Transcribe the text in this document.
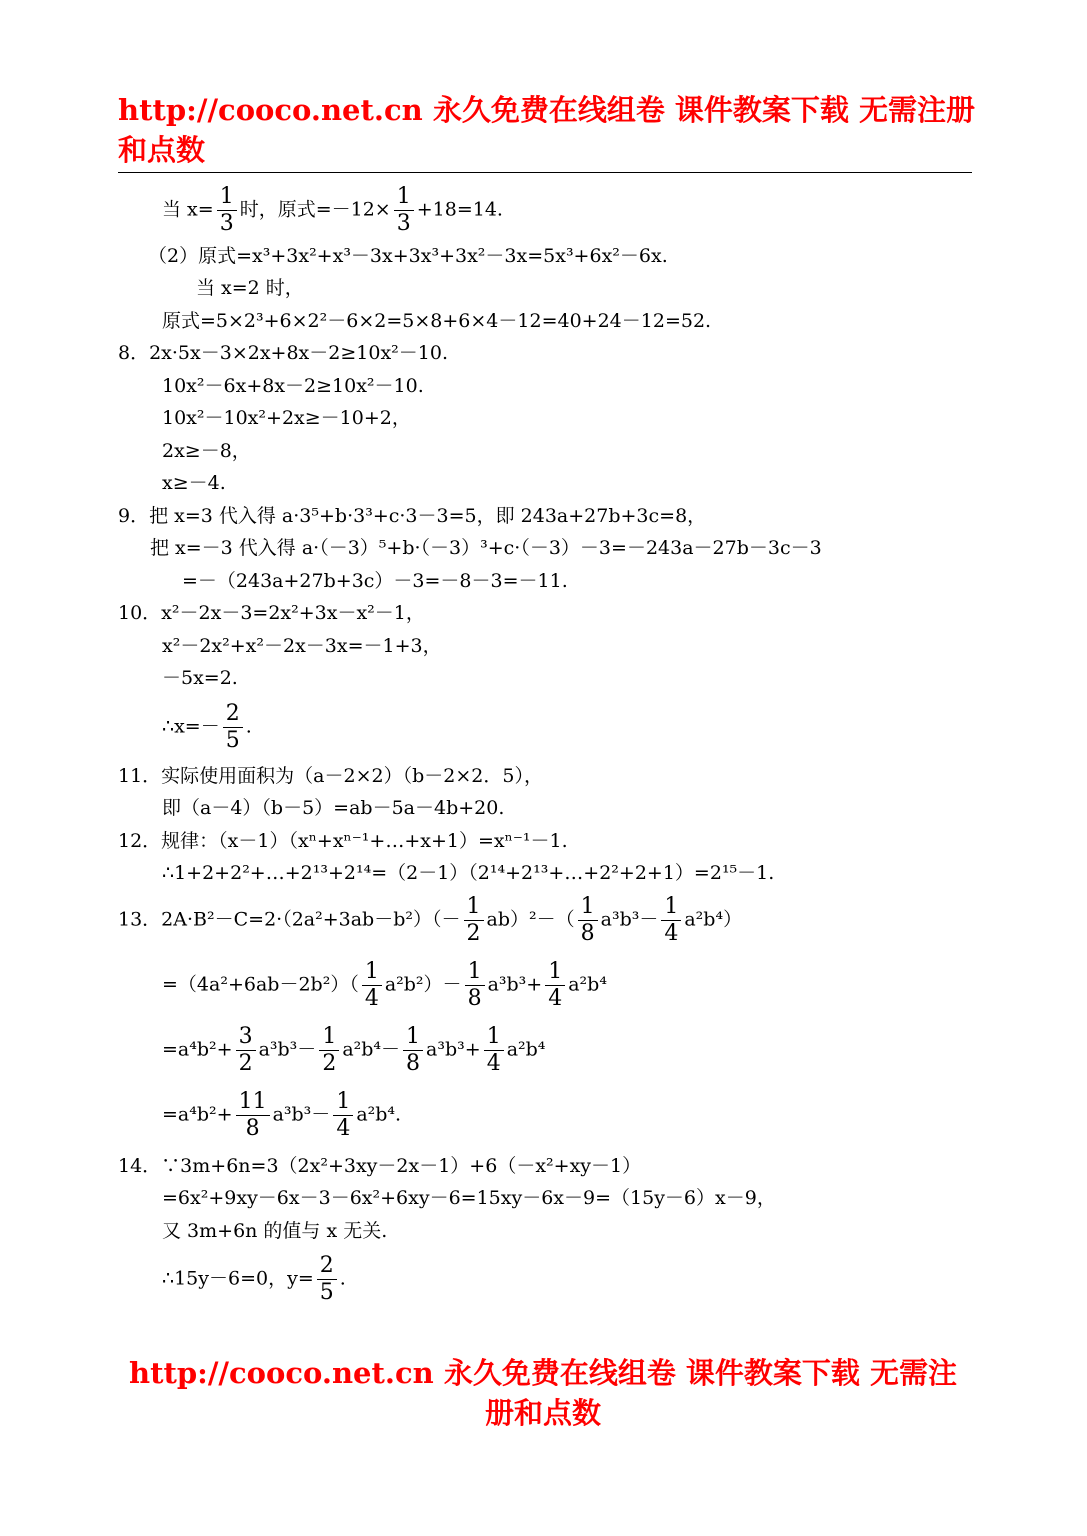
http://cooco.net.cn 永久免费在线组卷 课件教案下载 无需注册和点数
当 $x= \frac{1}{3}$ 时，原式$=-12\times \frac{1}{3} +18=14$.
（2）原式=x³+3x²+x³－3x+3x³+3x²－3x=5x³+6x²－6x.
当 x=2 时，
原式=5×2³+6×2²－6×2=5×8+6×4－12=40+24－12=52.
8．2x·5x－3×2x+8x－2≥10x²－10.
10x²－6x+8x－2≥10x²－10.
10x²－10x²+2x≥－10+2，
2x≥－8，
x≥－4.
9．把 x=3 代入得 a·3⁵+b·3³+c·3－3=5，即 243a+27b+3c=8，
把 x=－3 代入得 a·（－3）⁵+b·（－3）³+c·（－3）－3=－243a－27b－3c－3
=－（243a+27b+3c）－3=－8－3=－11.
10．x²－2x－3=2x²+3x－x²－1，
x²－2x²+x²－2x－3x=－1+3，
－5x=2.
∴x=－ $\frac{2}{5}$ .
11．实际使用面积为（a－2×2）（b－2×2．5），
即（a－4）（b－5）=ab－5a－4b+20.
12．规律：（x－1）（xⁿ+xⁿ⁻¹+…+x+1）=xⁿ⁻¹－1.
∴1+2+2²+…+2¹³+2¹⁴=（2－1）（2¹⁴+2¹³+…+2²+2+1）=2¹⁵－1.
13．$2A\cdot B^2-C=2\cdot(2a^2+3ab-b^2)(- \frac{1}{2} ab)^2-( \frac{1}{8} a^3b^3- \frac{1}{4} a^2b^4)$
$=(4a^2+6ab-2b^2)( \frac{1}{4} a^2b^2)- \frac{1}{8} a^3b^3+ \frac{1}{4} a^2b^4$
$=a^4b^2+ \frac{3}{2} a^3b^3- \frac{1}{2} a^2b^4- \frac{1}{8} a^3b^3+ \frac{1}{4} a^2b^4$
$=a^4b^2+ \frac{11}{8} a^3b^3- \frac{1}{4} a^2b^4$.
14．∵3m+6n=3（2x²+3xy－2x－1）+6（－x²+xy－1）
=6x²+9xy－6x－3－6x²+6xy－6=15xy－6x－9=（15y－6）x－9，
又 3m+6n 的值与 x 无关.
∴15y－6=0，$y= \frac{2}{5}$ .
http://cooco.net.cn 永久免费在线组卷 课件教案下载 无需注册和点数
